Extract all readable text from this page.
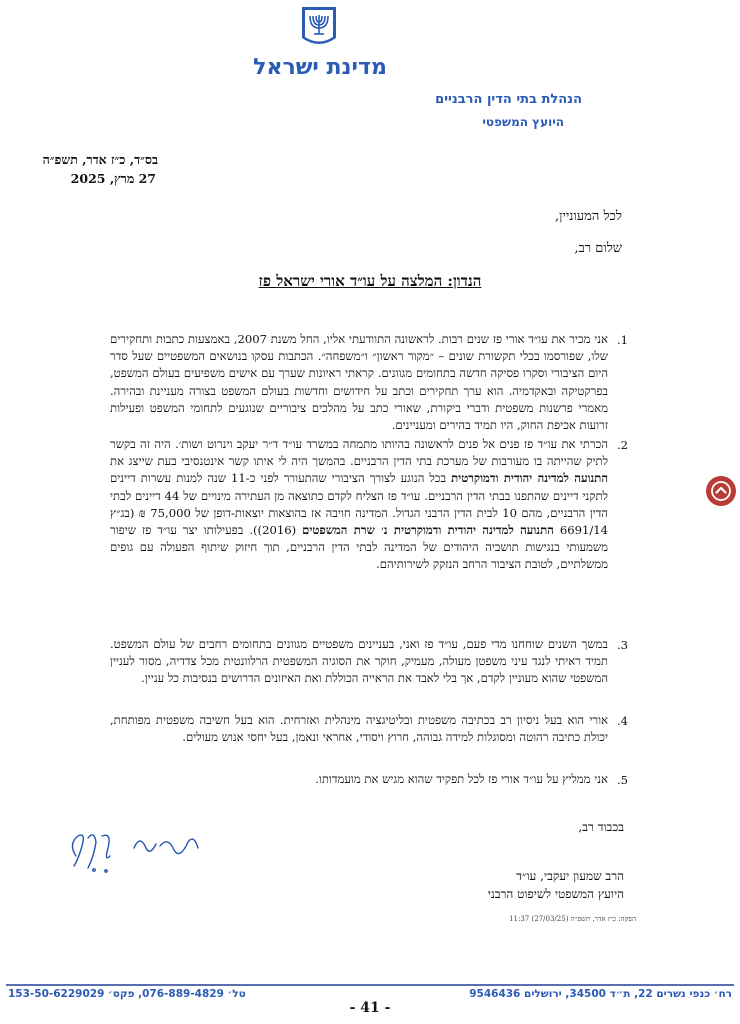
מדינת ישראל
הנהלת בתי הדין הרבניים
היועץ המשפטי
בס״ד, כ״ז אדר, תשפ״ה
27 מרץ, 2025
לכל המעוניין,
שלום רב,
הנדון: המלצה על עו״ד אורי ישראל פז
.1
אני מכיר את עו״ד אורי פז שנים רבות. לראשונה התוודעתי אליו, החל משנת 2007, באמצעות כתבות ותחקירים שלו, שפורסמו בכלי תקשורת שונים – ״מקור ראשון״ ו״משפחה״. הכתבות עסקו בנושאים המשפטיים שעל סדר היום הציבורי וסקרו פסיקה חדשה בתחומים מגוונים. קראתי ראיונות שערך עם אישים משפיעים בעולם המשפט, בפרקטיקה ובאקדמיה. הוא ערך תחקירים וכתב על חידושים וחדשות בעולם המשפט בצורה מעניינת ובהירה. מאמרי פרשנות משפטית ודברי ביקורת, שאורי כתב על מהלכים ציבוריים שנוגעים לתחומי המשפט ופעילות זרועות אכיפת החוק, היו תמיד בהירים ומעניינים.
.2
הכרתי את עו״ד פז פנים אל פנים לראשונה בהיותו מתמחה במשרד עו״ד ד״ר יעקב וינרוט ושות׳. היה זה בקשר לתיק שהייתה בו מעורבות של מערכת בתי הדין הרבניים. בהמשך היה לי איתו קשר אינטנסיבי בעת שייצג את התנועה למדינה יהודית ודמוקרטית בכל הנוגע לצורך הציבורי שהתעורר לפני כ-11 שנה למנות עשרות דיינים לתקני דיינים שהתפנו בבתי הדין הרבניים. עו״ד פז הצליח לקדם כתוצאה מן העתירה מינויים של 44 דיינים לבתי הדין הרבניים, מהם 10 לבית הדין הרבני הגדול. המדינה חויבה אז בהוצאות יוצאות-דופן של 75,000 ₪ (בג״ץ 6691/14 התנועה למדינה יהודית ודמוקרטית נ׳ שרת המשפטים (2016)). בפעילותו יצר עו״ד פז שיפור משמעותי בנגישות תושביה היהודים של המדינה לבתי הדין הרבניים, תוך חיזוק שיתוף הפעולה עם גופים ממשלתיים, לטובת הציבור הרחב הנזקק לשירותיהם.
.3
במשך השנים שוחחנו מדי פעם, עו״ד פז ואני, בעניינים משפטיים מגוונים בתחומים רחבים של עולם המשפט. תמיד ראיתי לנגד עיני משפטן מעולה, מעמיק, חוקר את הסוגיה המשפטית הרלוונטית מכל צדדיה, מסור לעניין המשפטי שהוא מעוניין לקדם, אך בלי לאבד את הראייה הכוללת ואת האיזונים הדרושים בנסיבות כל עניין.
.4
אורי הוא בעל ניסיון רב בכתיבה משפטית ובליטיגציה מינהלית ואזרחית. הוא בעל חשיבה משפטית מפותחת, יכולת כתיבה רהוטה ומסוגלות למידה גבוהה, חרוץ ויסודי, אחראי ונאמן, בעל יחסי אנוש מעולים.
.5
אני ממליץ על עו״ד אורי פז לכל תפקיד שהוא מגיש את מועמדותו.
בכבוד רב,
הרב שמעון יעקבי, עו״ד
היועץ המשפטי לשיפוט הרבני
הפקה: כ״ז אדר, תשפ״ה (27/03/25) 11:37
רח׳ כנפי נשרים 22, ת״ד 34500, ירושלים 9546436
טל׳ 076-889-4829, פקס׳ 153-50-6229029
- 41 -
